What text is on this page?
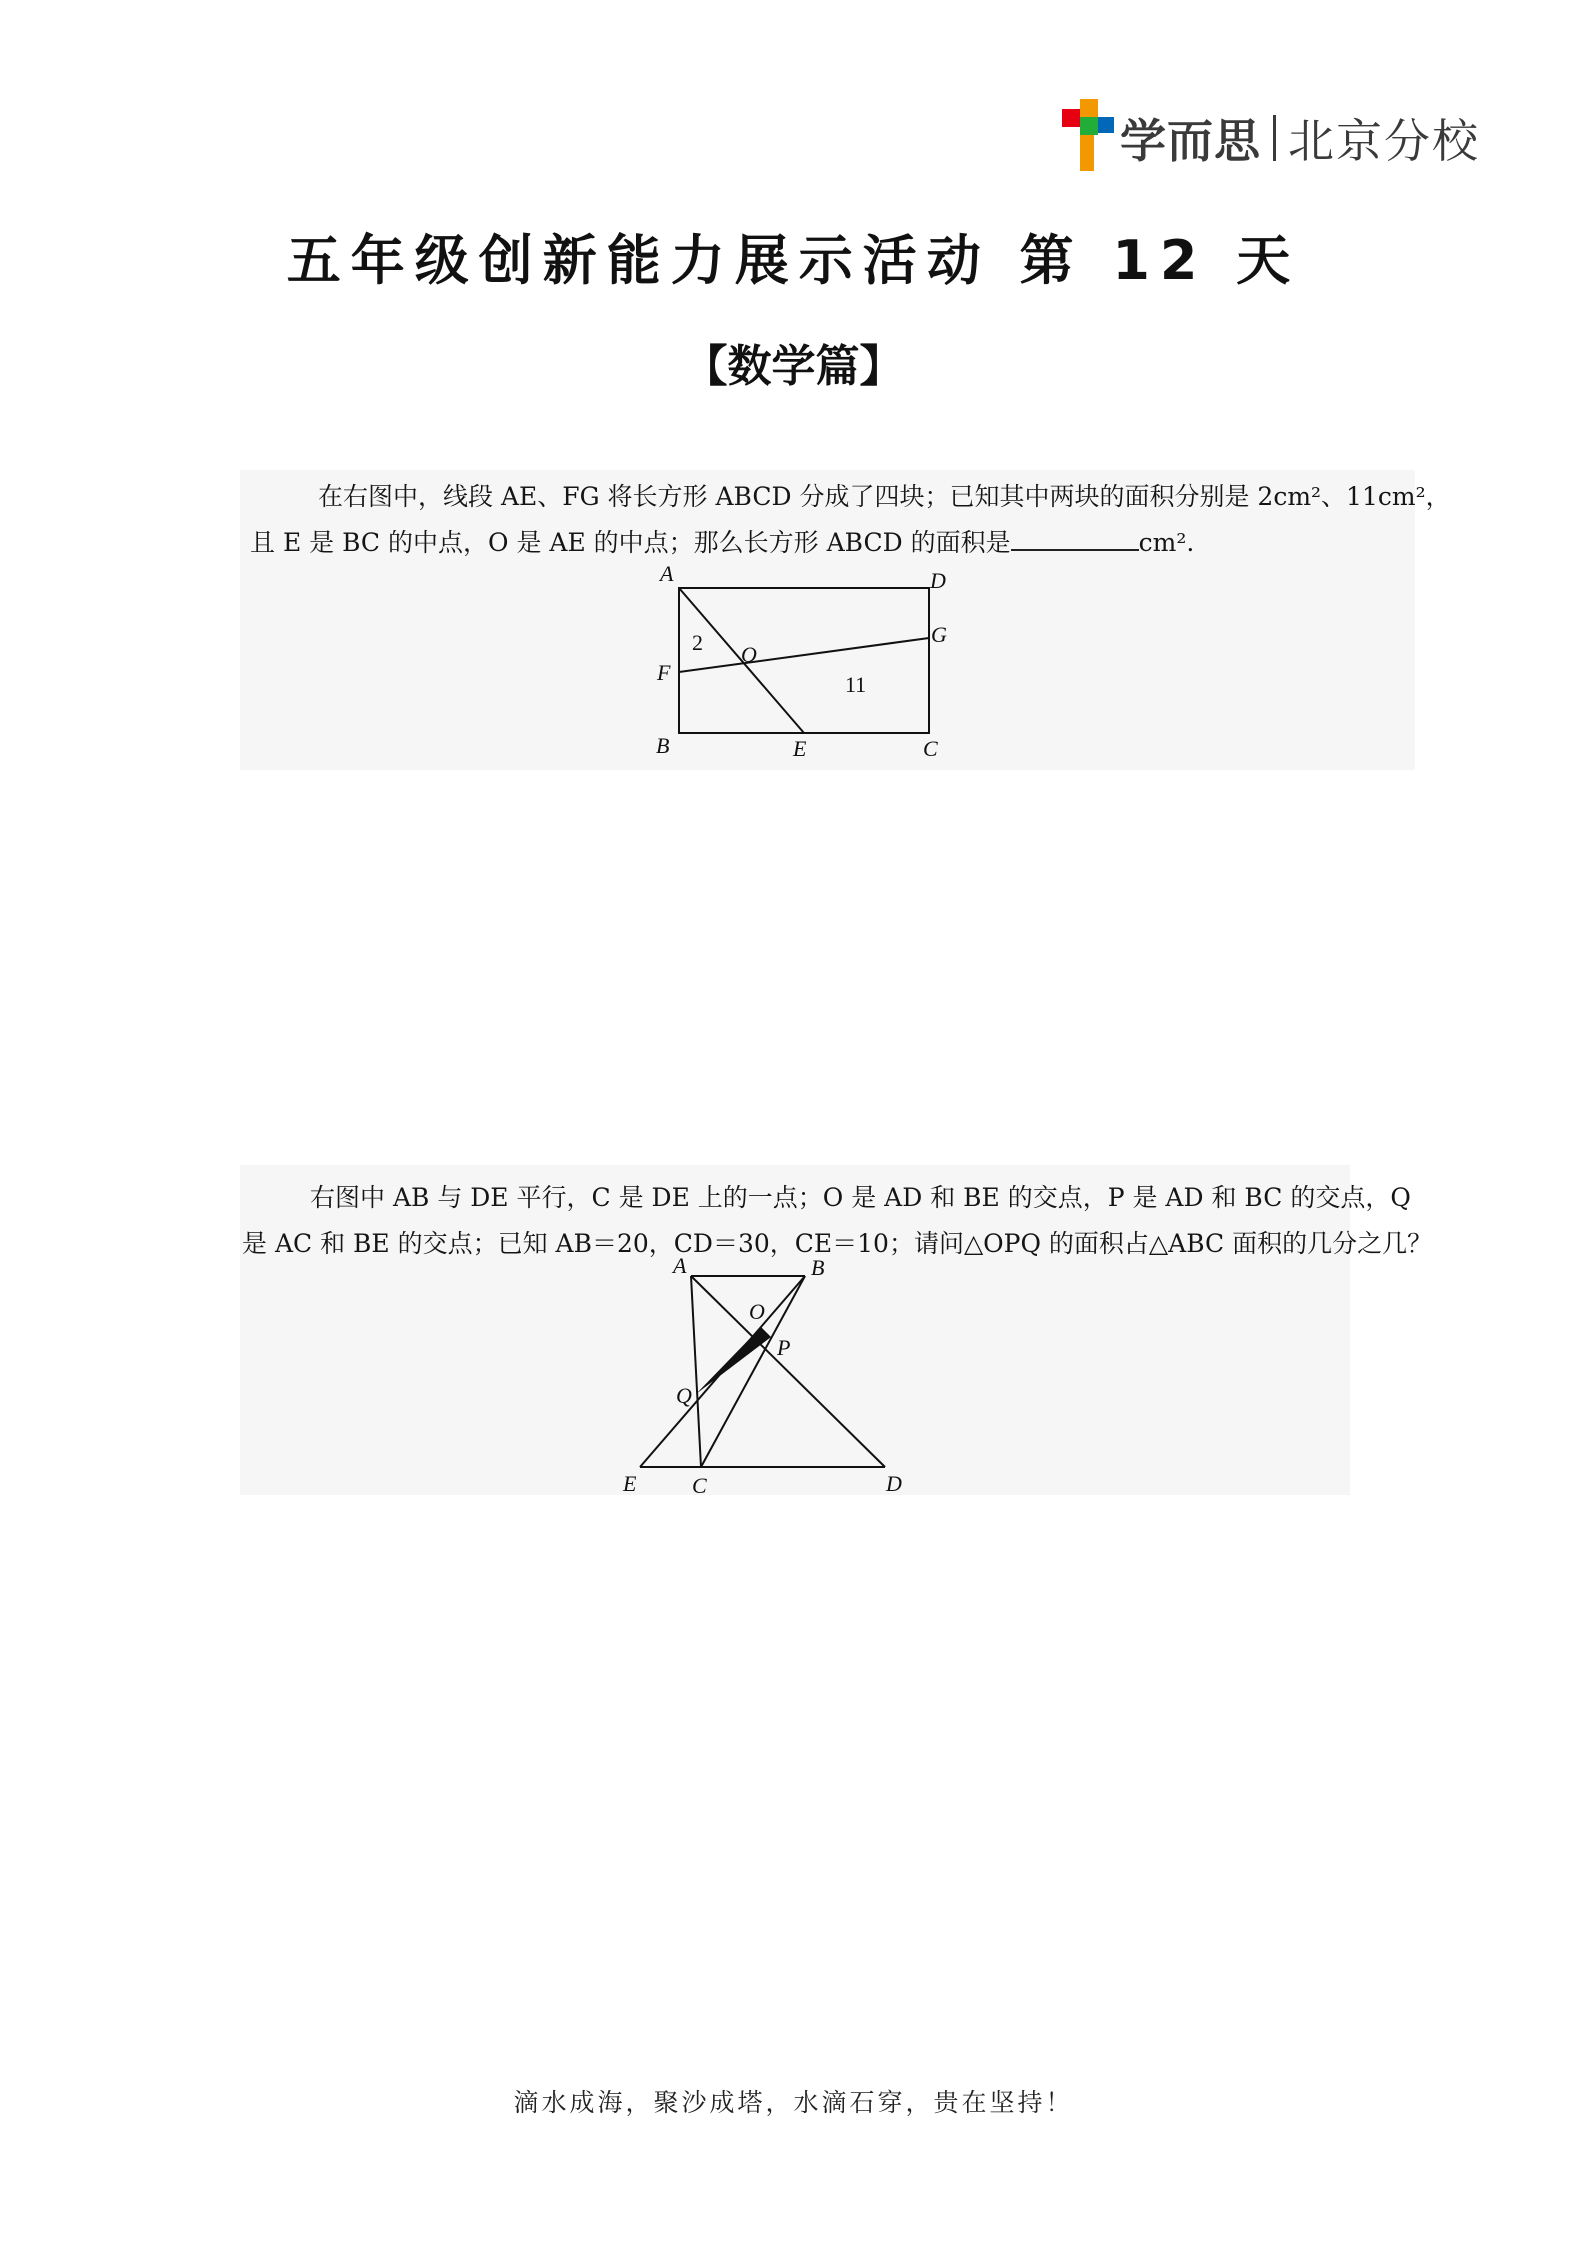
学而思 北京分校
五年级创新能力展示活动 第 12 天
【数学篇】
在右图中，线段 AE、FG 将长方形 ABCD 分成了四块；已知其中两块的面积分别是 2cm²、11cm²，
且 E 是 BC 的中点，O 是 AE 的中点；那么长方形 ABCD 的面积是	cm².
A	D
G
F
O
B	E	C
2
11
右图中 AB 与 DE 平行，C 是 DE 上的一点；O 是 AD 和 BE 的交点，P 是 AD 和 BC 的交点，Q
是 AC 和 BE 的交点；已知 AB＝20，CD＝30，CE＝10；请问△OPQ 的面积占△ABC 面积的几分之几？
A	B
O
P
Q
E	C	D
滴水成海，聚沙成塔，水滴石穿，贵在坚持！
